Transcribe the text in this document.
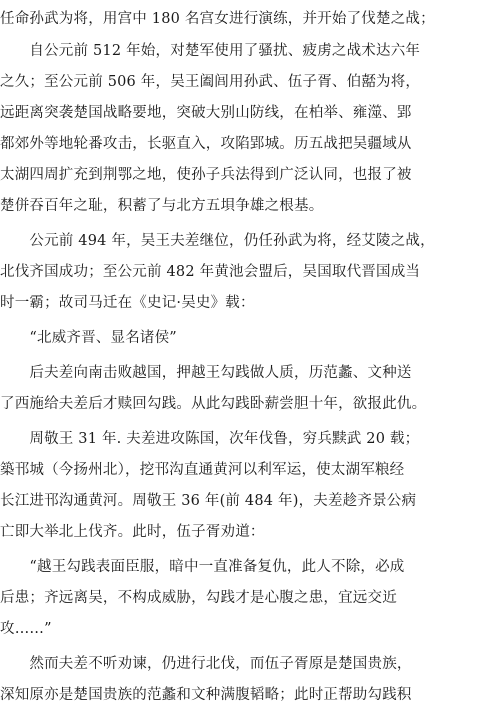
任命孙武为将，用宫中 180 名宫女进行演练，并开始了伐楚之战；
　　自公元前 512 年始，对楚军使用了骚扰、疲虏之战术达六年
之久；至公元前 506 年，吴王阖闾用孙武、伍子胥、伯嚭为将，
远距离突袭楚国战略要地，突破大别山防线，在柏举、雍澨、郢
都郊外等地轮番攻击，长驱直入，攻陷郢城。历五战把吴疆域从
太湖四周扩充到荆鄂之地，使孙子兵法得到广泛认同，也报了被
楚併吞百年之耻，积蓄了与北方五垻争雄之根基。
　　公元前 494 年，吴王夫差继位，仍任孙武为将，经艾陵之战，
北伐齐国成功；至公元前 482 年黄池会盟后，吴国取代晋国成当
时一霸；故司马迁在《史记·吴史》载：
　　“北威齐晋、显名诸侯”
　　后夫差向南击败越国，押越王勾践做人质，历范蠡、文种送
了西施给夫差后才赎回勾践。从此勾践卧薪尝胆十年，欲报此仇。
　　周敬王 31 年. 夫差进攻陈国，次年伐鲁，穷兵黩武 20 载；
築邗城（今扬州北），挖邗沟直通黄河以利军运，使太湖军粮经
长江进邗沟通黄河。周敬王 36 年(前 484 年)，夫差趁齐景公病
亡即大举北上伐齐。此时，伍子胥劝道：
　　“越王勾践表面臣服，暗中一直准备复仇，此人不除，必成
后患；齐远离吴，不构成威胁，勾践才是心腹之患，宜远交近
攻……”
　　然而夫差不听劝谏，仍进行北伐，而伍子胥原是楚国贵族，
深知原亦是楚国贵族的范蠡和文种满腹韬略；此时正帮助勾践积
